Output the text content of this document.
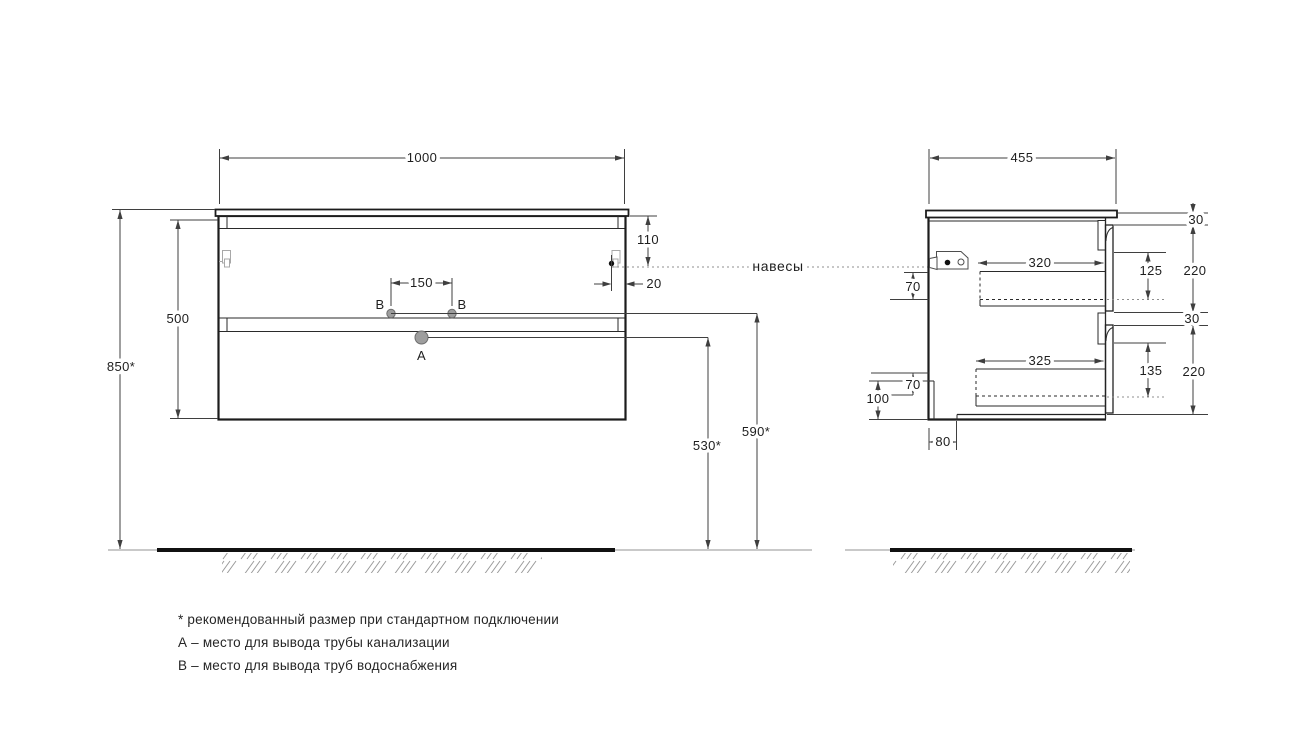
1000
500
850*
110
20
150
В	В
А
530*
590*
навесы
455
30
220
125
30
220
135
320
325
70
70
100
80
* рекомендованный размер при стандартном подключении
А – место для вывода трубы канализации
В – место для вывода труб водоснабжения
